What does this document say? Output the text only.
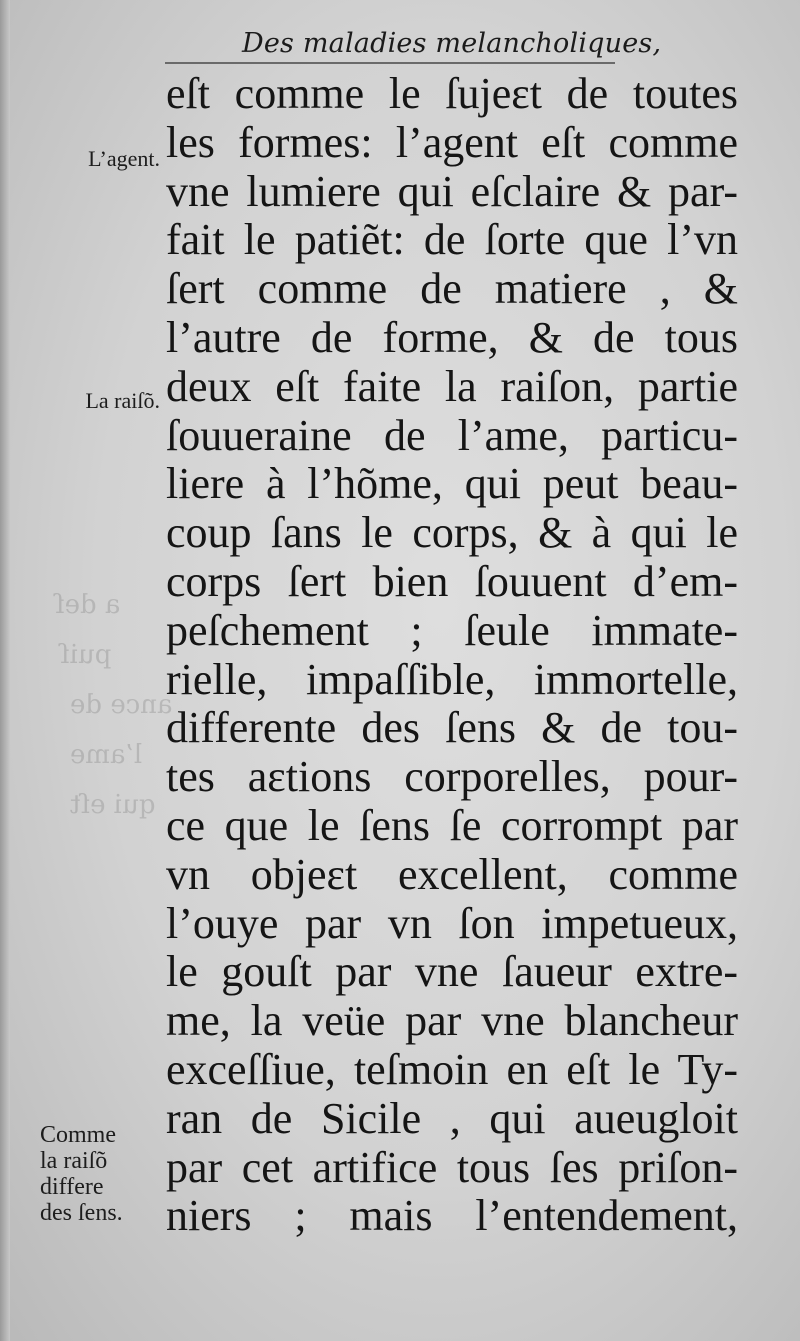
a deſ
puiſ
ance de
l’ame
qui eſt
Des maladies melancholiques,
eſt comme le ſujeɛt de toutes
les formes: l’agent eſt comme
vne lumiere qui eſclaire & par-
fait le patiẽt: de ſorte que l’vn
ſert comme de matiere , &
l’autre de forme, & de tous
deux eſt faite la raiſon, partie
ſouueraine de l’ame, particu-
liere à l’hõme, qui peut beau-
coup ſans le corps, & à qui le
corps ſert bien ſouuent d’em-
peſchement ; ſeule immate-
rielle, impaſſible, immortelle,
differente des ſens & de tou-
tes aɛtions corporelles, pour-
ce que le ſens ſe corrompt par
vn objeɛt excellent, comme
l’ouye par vn ſon impetueux,
le gouſt par vne ſaueur extre-
me, la veüe par vne blancheur
exceſſiue, teſmoin en eſt le Ty-
ran de Sicile , qui aueugloit
par cet artifice tous ſes priſon-
niers ; mais l’entendement,
L’agent.
La raiſõ.
Comme
la raiſõ
differe
des ſens.
